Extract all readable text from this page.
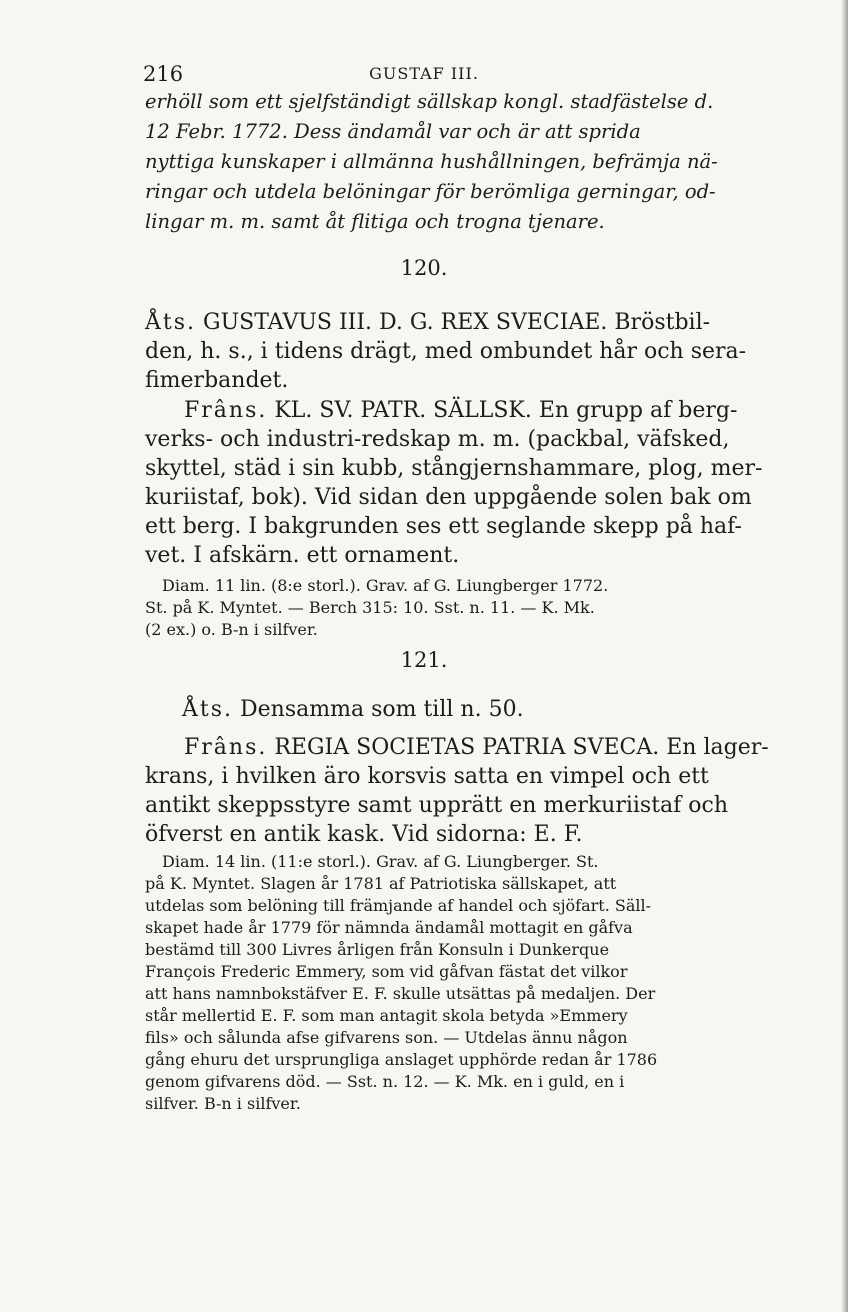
216	GUSTAF III.
erhöll som ett sjelfständigt sällskap kongl. stadfästelse d.
12 Febr. 1772. Dess ändamål var och är att sprida
nyttiga kunskaper i allmänna hushållningen, befrämja nä-
ringar och utdela belöningar för berömliga gerningar, od-
lingar m. m. samt åt flitiga och trogna tjenare.
120.
Åts. GUSTAVUS III. D. G. REX SVECIAE. Bröstbil-
den, h. s., i tidens drägt, med ombundet hår och sera-
fimerbandet.
Frâns. KL. SV. PATR. SÄLLSK. En grupp af berg-
verks- och industri-redskap m. m. (packbal, väfsked,
skyttel, städ i sin kubb, stångjernshammare, plog, mer-
kuriistaf, bok). Vid sidan den uppgående solen bak om
ett berg. I bakgrunden ses ett seglande skepp på haf-
vet. I afskärn. ett ornament.
Diam. 11 lin. (8:e storl.). Grav. af G. Liungberger 1772.
St. på K. Myntet. — Berch 315: 10. Sst. n. 11. — K. Mk.
(2 ex.) o. B-n i silfver.
121.
Åts. Densamma som till n. 50.
Frâns. REGIA SOCIETAS PATRIA SVECA. En lager-
krans, i hvilken äro korsvis satta en vimpel och ett
antikt skeppsstyre samt upprätt en merkuriistaf och
öfverst en antik kask. Vid sidorna: E. F.
Diam. 14 lin. (11:e storl.). Grav. af G. Liungberger. St.
på K. Myntet. Slagen år 1781 af Patriotiska sällskapet, att
utdelas som belöning till främjande af handel och sjöfart. Säll-
skapet hade år 1779 för nämnda ändamål mottagit en gåfva
bestämd till 300 Livres årligen från Konsuln i Dunkerque
François Frederic Emmery, som vid gåfvan fästat det vilkor
att hans namnbokstäfver E. F. skulle utsättas på medaljen. Der
står mellertid E. F. som man antagit skola betyda »Emmery
fils» och sålunda afse gifvarens son. — Utdelas ännu någon
gång ehuru det ursprungliga anslaget upphörde redan år 1786
genom gifvarens död. — Sst. n. 12. — K. Mk. en i guld, en i
silfver. B-n i silfver.
